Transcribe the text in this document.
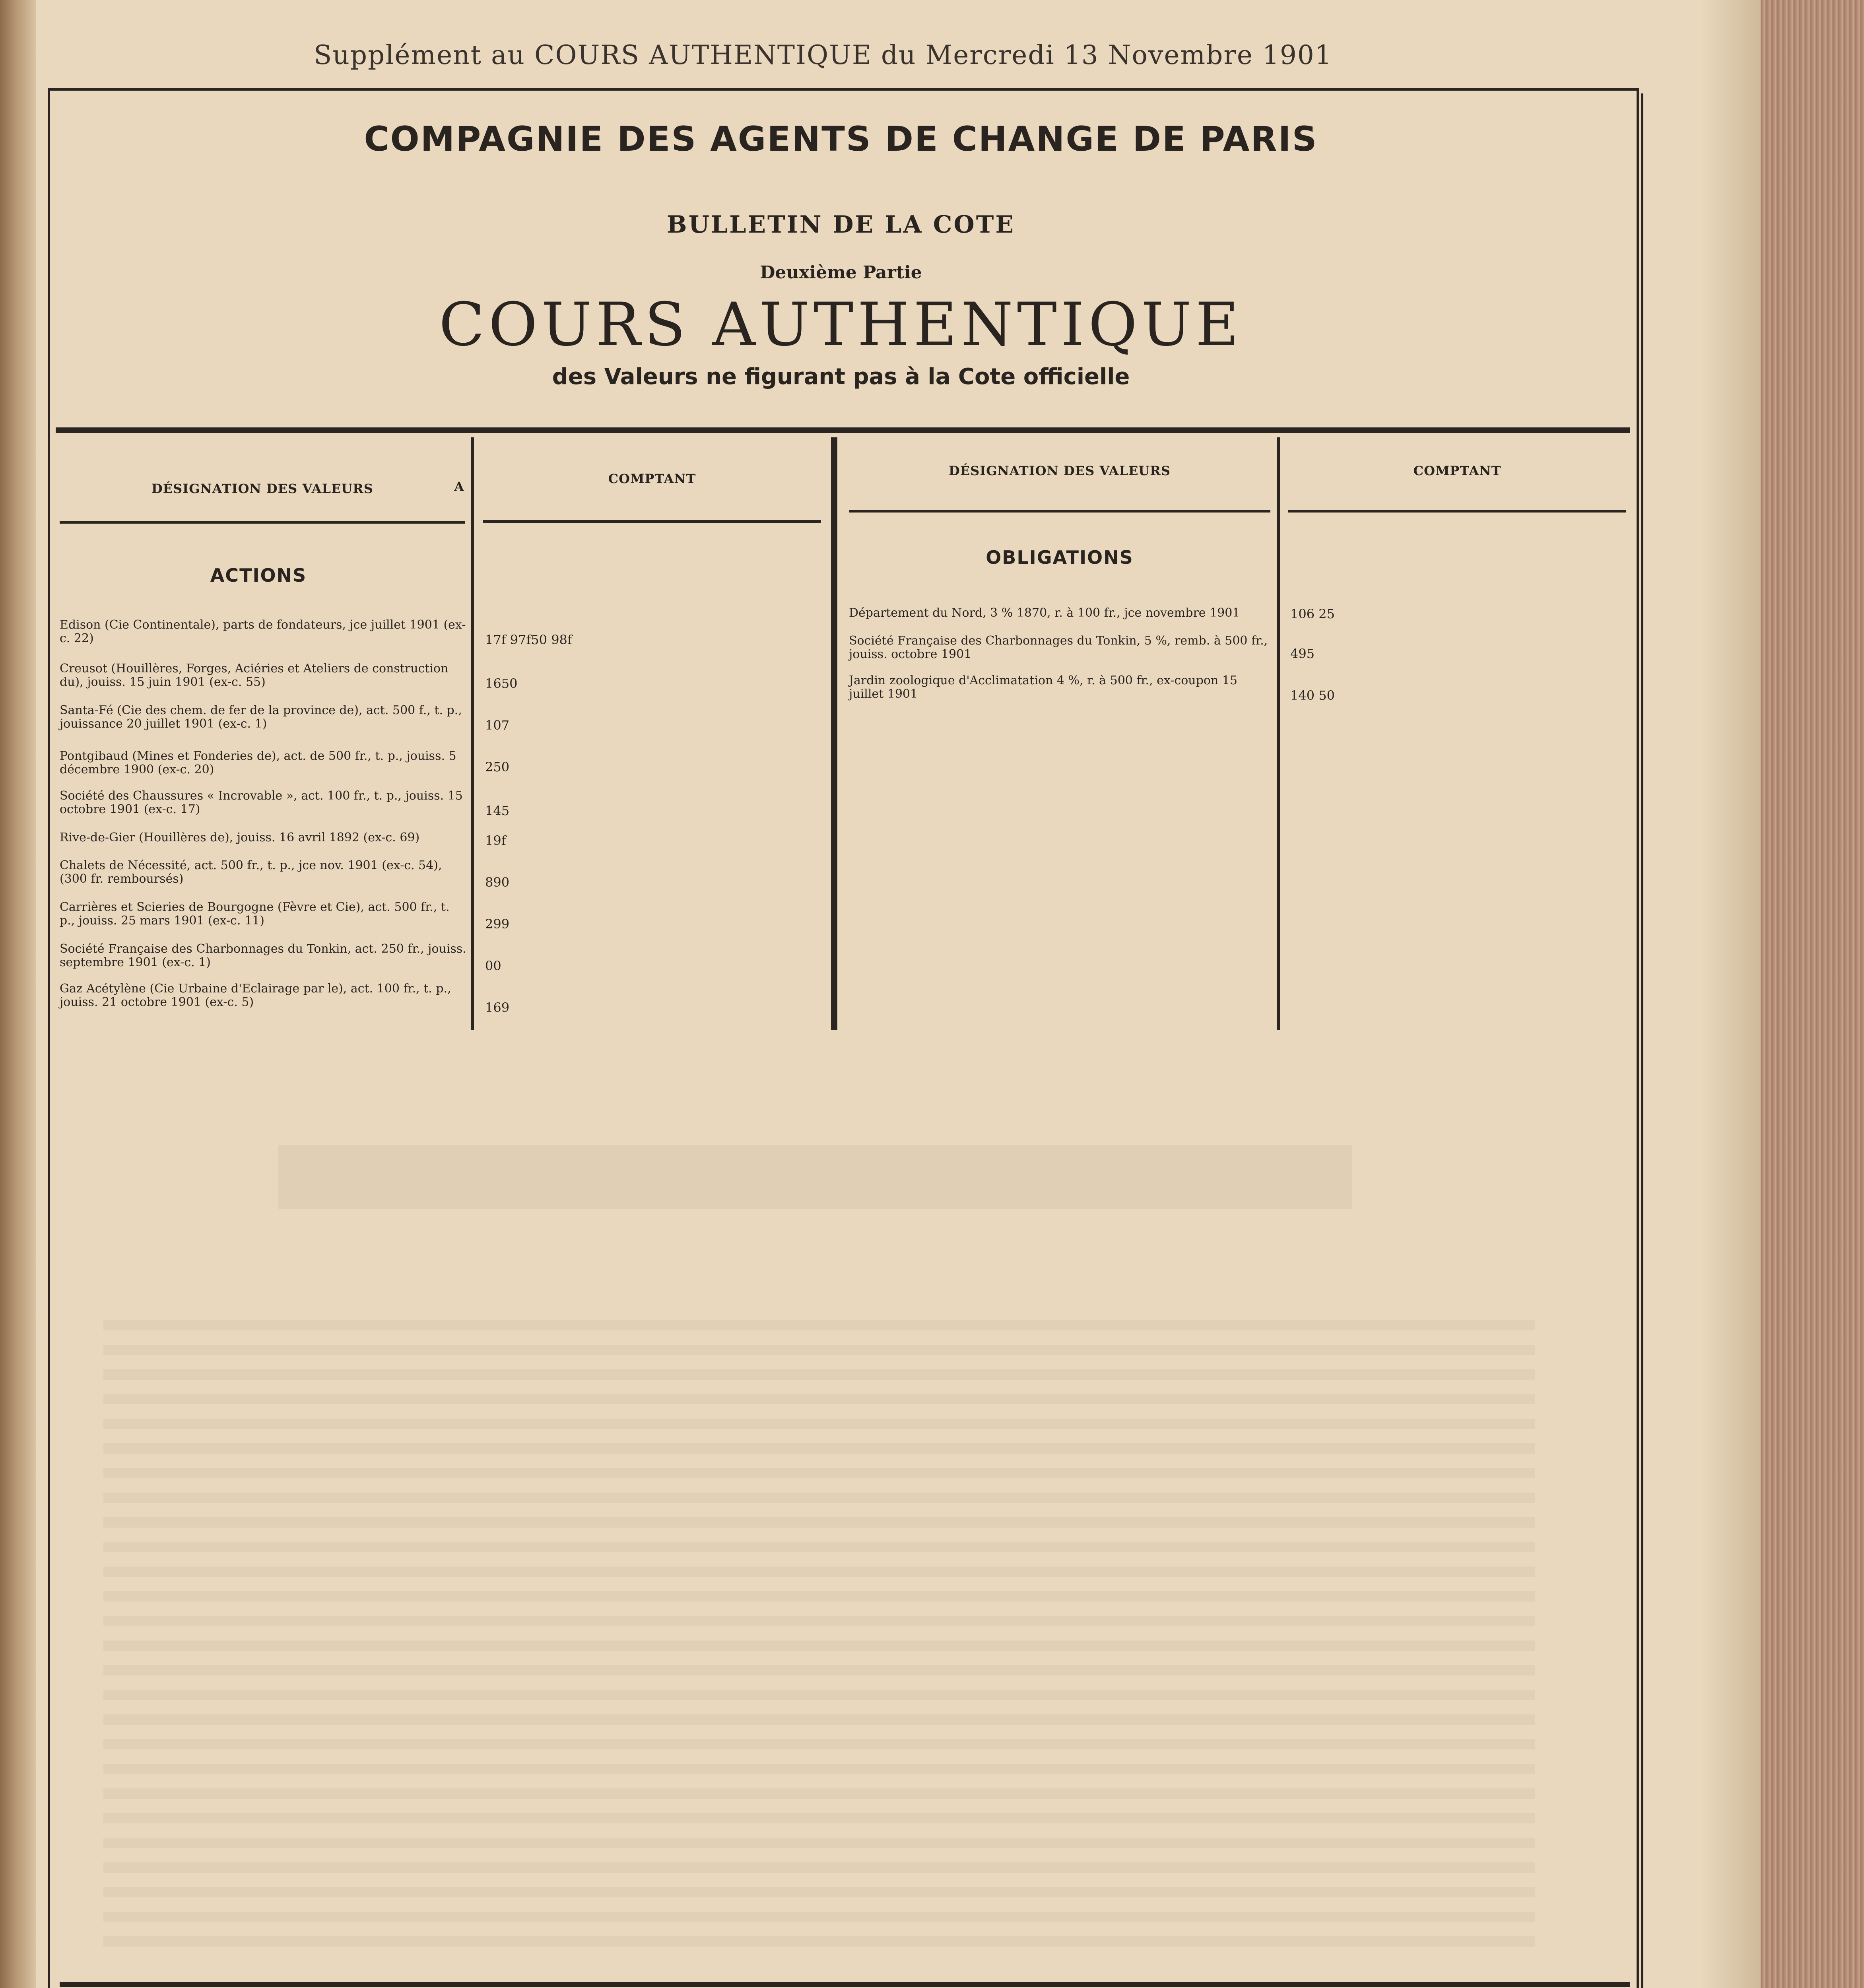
Supplément au COURS AUTHENTIQUE du Mercredi 13 Novembre 1901
COMPAGNIE DES AGENTS DE CHANGE DE PARIS
BULLETIN DE LA COTE
Deuxième Partie
COURS AUTHENTIQUE
des Valeurs ne figurant pas à la Cote officielle
DÉSIGNATION DES VALEURS	A
COMPTANT
DÉSIGNATION DES VALEURS	COMPTANT
ACTIONS
OBLIGATIONS
Edison (Cie Continentale), parts de fondateurs, jce juillet 1901 (ex-c. 22)	17f 97f50 98f
Creusot (Houillères, Forges, Aciéries et Ateliers de construction du), jouiss. 15 juin 1901 (ex-c. 55)	1650
Santa-Fé (Cie des chem. de fer de la province de), act. 500 f., t. p., jouissance 20 juillet 1901 (ex-c. 1)	107
Pontgibaud (Mines et Fonderies de), act. de 500 fr., t. p., jouiss. 5 décembre 1900 (ex-c. 20)	250
Société des Chaussures « Incrovable », act. 100 fr., t. p., jouiss. 15 octobre 1901 (ex-c. 17)	145
Rive-de-Gier (Houillères de), jouiss. 16 avril 1892 (ex-c. 69)	19f
Chalets de Nécessité, act. 500 fr., t. p., jce nov. 1901 (ex-c. 54), (300 fr. remboursés)	890
Carrières et Scieries de Bourgogne (Fèvre et Cie), act. 500 fr., t. p., jouiss. 25 mars 1901 (ex-c. 11)	299
Société Française des Charbonnages du Tonkin, act. 250 fr., jouiss. septembre 1901 (ex-c. 1)	00
Gaz Acétylène (Cie Urbaine d'Eclairage par le), act. 100 fr., t. p., jouiss. 21 octobre 1901 (ex-c. 5)	169
Département du Nord, 3 % 1870, r. à 100 fr., jce novembre 1901	106 25
Société Française des Charbonnages du Tonkin, 5 %, remb. à 500 fr., jouiss. octobre 1901	495
Jardin zoologique d'Acclimatation 4 %, r. à 500 fr., ex-coupon 15 juillet 1901	140 50
